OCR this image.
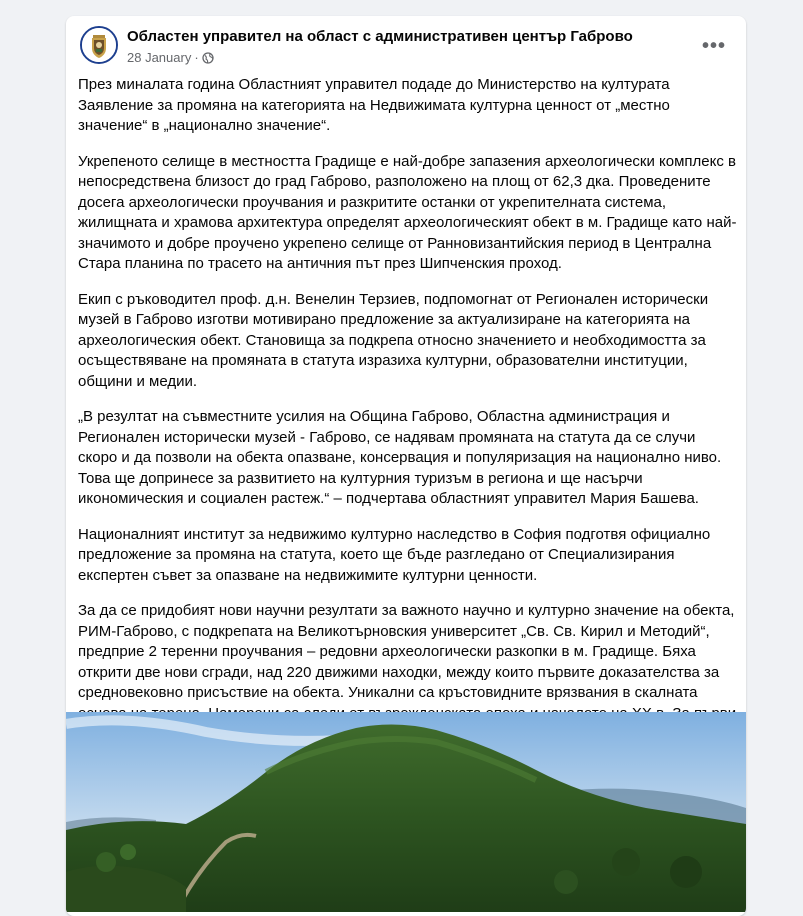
Областен управител на област с административен център Габрово
28 January ·
•••

През миналата година Областният управител подаде до Министерство на културата Заявление за промяна на категорията на Недвижимата културна ценност от „местно значение“ в „национално значение“.

Укрепеното селище в местността Градище е най-добре запазения археологически комплекс в непосредствена близост до град Габрово, разположено на площ от 62,3 дка. Проведените досега археологически проучвания и разкритите останки от укрепителната система, жилищната и храмова архитектура определят археологическият обект в м. Градище като най-значимото и добре проучено укрепено селище от Ранновизантийския период в Централна Стара планина по трасето на античния път през Шипченския проход.

Екип с ръководител проф. д.н. Венелин Терзиев, подпомогнат от Регионален исторически музей в Габрово изготви мотивирано предложение за актуализиране на категорията на археологическия обект. Становища за подкрепа относно значението и необходимостта за осъществяване на промяната в статута изразиха културни, образователни институции, общини и медии.

„В резултат на съвместните усилия на Община Габрово, Областна администрация и Регионален исторически музей - Габрово, се надявам промяната на статута да се случи скоро и да позволи на обекта опазване, консервация и популяризация на национално ниво. Това ще допринесе за развитието на културния туризъм в региона и ще насърчи икономическия и социален растеж.“ – подчертава областният управител Мария Башева.

Националният институт за недвижимо културно наследство в София подготвя официално предложение за промяна на статута, което ще бъде разгледано от Специализирания експертен съвет за опазване на недвижимите културни ценности.

За да се придобият нови научни резултати за важното научно и културно значение на обекта, РИМ-Габрово, с подкрепата на Великотърновския университет „Св. Св. Кирил и Методий“, предприе 2 теренни проучвания – редовни археологически разкопки в м. Градище. Бяха открити две нови сгради, над 220 движими находки, между които първите доказателства за средновековно присъствие на обекта. Уникални са кръстовидните врязвания в скалната
